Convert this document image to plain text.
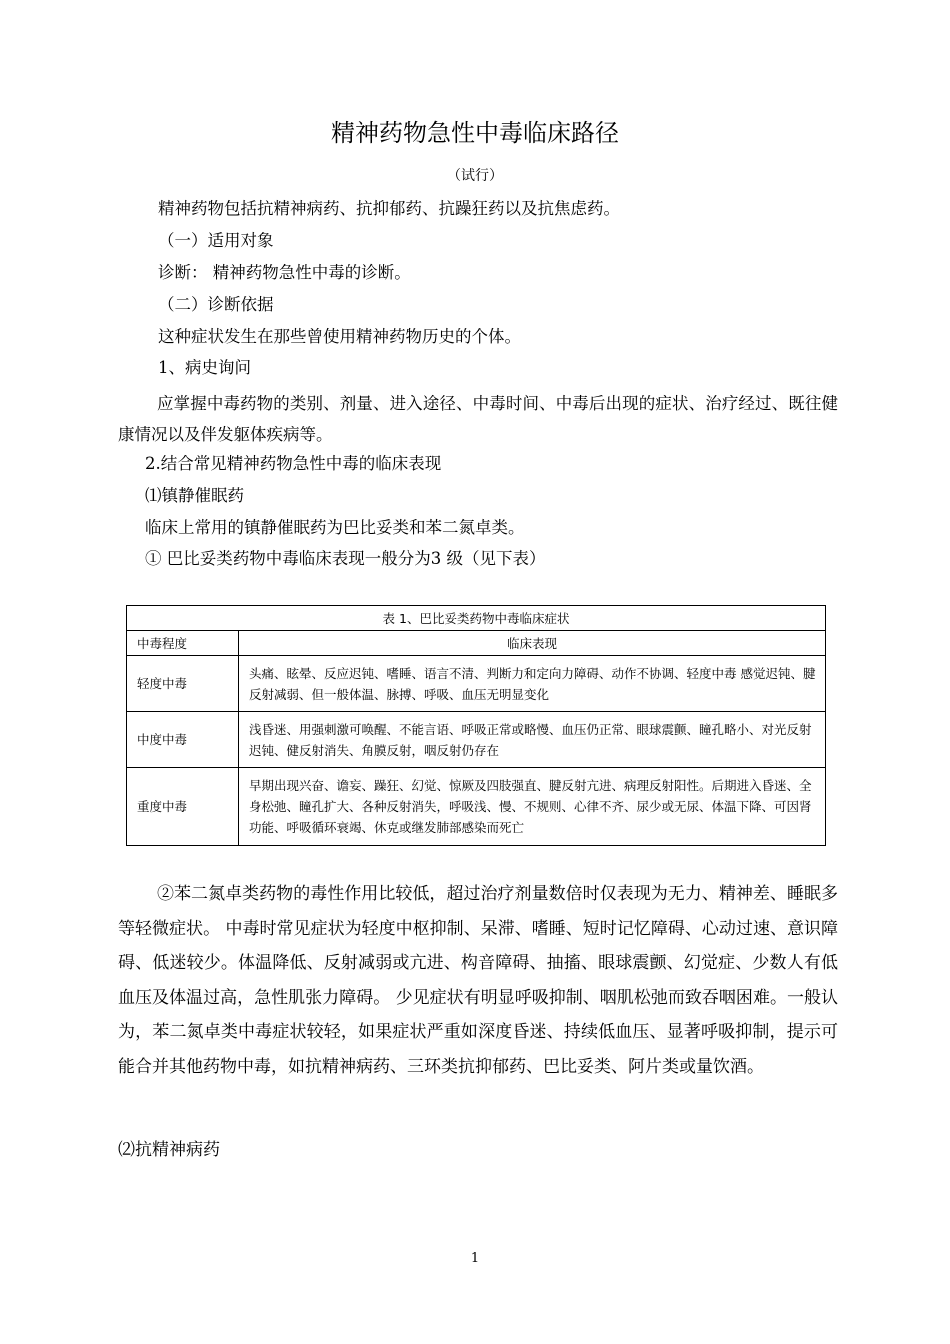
精神药物急性中毒临床路径
（试行）
精神药物包括抗精神病药、抗抑郁药、抗躁狂药以及抗焦虑药。
（一）适用对象
诊断： 精神药物急性中毒的诊断。
（二）诊断依据
这种症状发生在那些曾使用精神药物历史的个体。
1、病史询问
应掌握中毒药物的类别、剂量、进入途径、中毒时间、中毒后出现的症状、治疗经过、既往健康情况以及伴发躯体疾病等。
2.结合常见精神药物急性中毒的临床表现
⑴镇静催眠药
临床上常用的镇静催眠药为巴比妥类和苯二氮卓类。
① 巴比妥类药物中毒临床表现一般分为3 级（见下表）
表 1、巴比妥类药物中毒临床症状	
中毒程度	临床表现
轻度中毒	头痛、眩晕、反应迟钝、嗜睡、语言不清、判断力和定向力障碍、动作不协调、轻度中毒 感觉迟钝、腱反射减弱、但一般体温、脉搏、呼吸、血压无明显变化
中度中毒	浅昏迷、用强刺激可唤醒、不能言语、呼吸正常或略慢、血压仍正常、眼球震颤、瞳孔略小、对光反射迟钝、健反射消失、角膜反射，咽反射仍存在
重度中毒	早期出现兴奋、谵妄、躁狂、幻觉、惊厥及四肢强直、腱反射亢进、病理反射阳性。后期进入昏迷、全身松弛、瞳孔扩大、各种反射消失，呼吸浅、慢、不规则、心律不齐、尿少或无尿、体温下降、可因肾功能、呼吸循环衰竭、休克或继发肺部感染而死亡
②苯二氮卓类药物的毒性作用比较低，超过治疗剂量数倍时仅表现为无力、精神差、睡眠多等轻微症状。 中毒时常见症状为轻度中枢抑制、呆滞、嗜睡、短时记忆障碍、心动过速、意识障碍、低迷较少。体温降低、反射减弱或亢进、构音障碍、抽搐、眼球震颤、幻觉症、少数人有低血压及体温过高，急性肌张力障碍。 少见症状有明显呼吸抑制、咽肌松弛而致吞咽困难。一般认为，苯二氮卓类中毒症状较轻，如果症状严重如深度昏迷、持续低血压、显著呼吸抑制，提示可能合并其他药物中毒，如抗精神病药、三环类抗抑郁药、巴比妥类、阿片类或量饮酒。
⑵抗精神病药
1
